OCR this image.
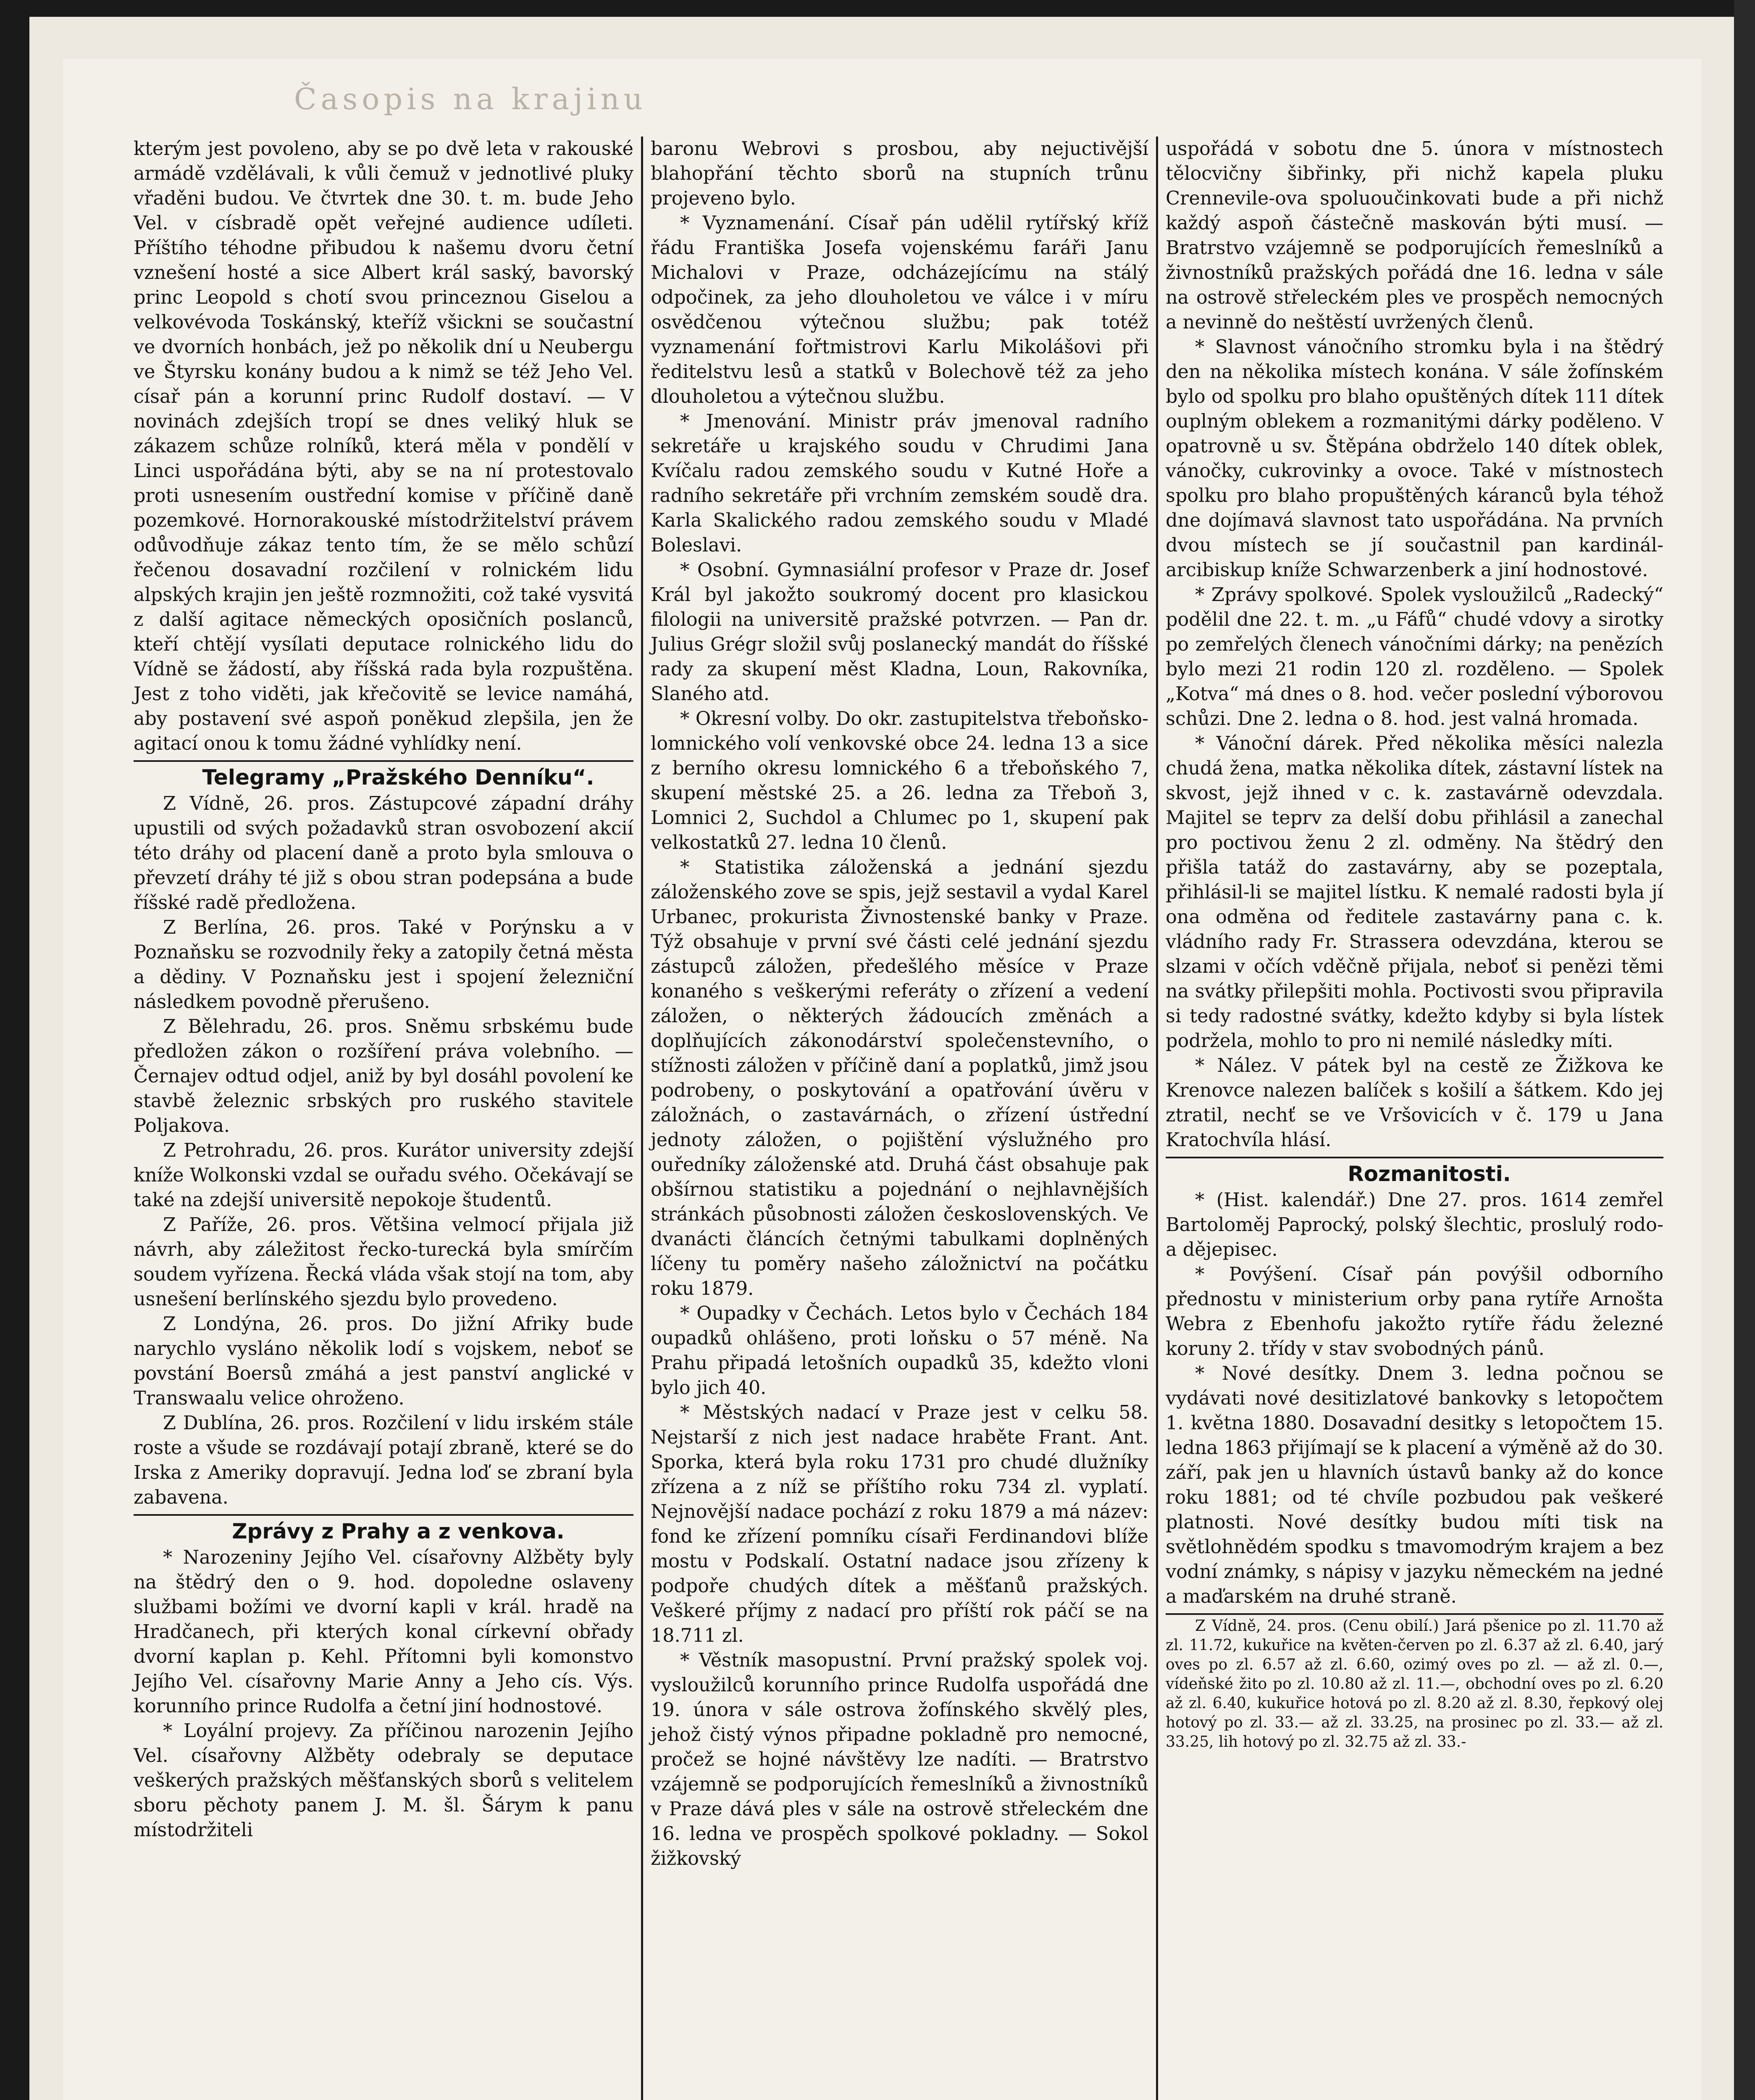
Časopis na krajinu

kterým jest povoleno, aby se po dvě leta v rakouské armádě vzdělávali, k vůli čemuž v jednotlivé pluky vřaděni budou. Ve čtvrtek dne 30. t. m. bude Jeho Vel. v císbradě opět veřejné audience udíleti. Příštího téhodne přibudou k našemu dvoru četní vznešení hosté a sice Albert král saský, bavorský princ Leopold s chotí svou princeznou Giselou a velkovévoda Toskánský, kteříž všickni se součastní ve dvorních honbách, jež po několik dní u Neubergu ve Štyrsku konány budou a k nimž se též Jeho Vel. císař pán a korunní princ Rudolf dostaví. — V novinách zdejších tropí se dnes veliký hluk se zákazem schůze rolníků, která měla v pondělí v Linci uspořádána býti, aby se na ní protestovalo proti usnesením oustřední komise v příčině daně pozemkové. Hornorakouské místodržitelství právem odůvodňuje zákaz tento tím, že se mělo schůzí řečenou dosavadní rozčilení v rolnickém lidu alpských krajin jen ještě rozmnožiti, což také vysvitá z další agitace německých oposičních poslanců, kteří chtějí vysílati deputace rolnického lidu do Vídně se žádostí, aby říšská rada byla rozpuštěna. Jest z toho viděti, jak křečovitě se levice namáhá, aby postavení své aspoň poněkud zlepšila, jen že agitací onou k tomu žádné vyhlídky není.

Telegramy „Pražského Denníku“.

Z Vídně, 26. pros. Zástupcové západní dráhy upustili od svých požadavků stran osvobození akcií této dráhy od placení daně a proto byla smlouva o převzetí dráhy té již s obou stran podepsána a bude říšské radě předložena.

Z Berlína, 26. pros. Také v Porýnsku a v Poznaňsku se rozvodnily řeky a zatopily četná města a dědiny. V Poznaňsku jest i spojení železniční následkem povodně přerušeno.

Z Bělehradu, 26. pros. Sněmu srbskému bude předložen zákon o rozšíření práva volebního. — Černajev odtud odjel, aniž by byl dosáhl povolení ke stavbě železnic srbských pro ruského stavitele Poljakova.

Z Petrohradu, 26. pros. Kurátor university zdejší kníže Wolkonski vzdal se ouřadu svého. Očekávají se také na zdejší universitě nepokoje študentů.

Z Paříže, 26. pros. Většina velmocí přijala již návrh, aby záležitost řecko-turecká byla smírčím soudem vyřízena. Řecká vláda však stojí na tom, aby usnešení berlínského sjezdu bylo provedeno.

Z Londýna, 26. pros. Do jižní Afriky bude narychlo vysláno několik lodí s vojskem, neboť se povstání Boersů zmáhá a jest panství anglické v Transwaalu velice ohroženo.

Z Dublína, 26. pros. Rozčilení v lidu irském stále roste a všude se rozdávají potají zbraně, které se do Irska z Ameriky dopravují. Jedna loď se zbraní byla zabavena.

Zprávy z Prahy a z venkova.

* Narozeniny Jejího Vel. císařovny Alžběty byly na štědrý den o 9. hod. dopoledne oslaveny službami božími ve dvorní kapli v král. hradě na Hradčanech, při kterých konal církevní obřady dvorní kaplan p. Kehl. Přítomni byli komonstvo Jejího Vel. císařovny Marie Anny a Jeho cís. Výs. korunního prince Rudolfa a četní jiní hodnostové.

* Loyální projevy. Za příčinou narozenin Jejího Vel. císařovny Alžběty odebraly se deputace veškerých pražských měšťanských sborů s velitelem sboru pěchoty panem J. M. šl. Šárym k panu místodržiteli

baronu Webrovi s prosbou, aby nejuctivější blahopřání těchto sborů na stupních trůnu projeveno bylo.

* Vyznamenání. Císař pán udělil rytířský kříž řádu Františka Josefa vojenskému faráři Janu Michalovi v Praze, odcházejícímu na stálý odpočinek, za jeho dlouholetou ve válce i v míru osvědčenou výtečnou službu; pak totéž vyznamenání fořtmistrovi Karlu Mikolášovi při ředitelstvu lesů a statků v Bolechově též za jeho dlouholetou a výtečnou službu.

* Jmenování. Ministr práv jmenoval radního sekretáře u krajského soudu v Chrudimi Jana Kvíčalu radou zemského soudu v Kutné Hoře a radního sekretáře při vrchním zemském soudě dra. Karla Skalického radou zemského soudu v Mladé Boleslavi.

* Osobní. Gymnasiální profesor v Praze dr. Josef Král byl jakožto soukromý docent pro klasickou filologii na universitě pražské potvrzen. — Pan dr. Julius Grégr složil svůj poslanecký mandát do říšské rady za skupení měst Kladna, Loun, Rakovníka, Slaného atd.

* Okresní volby. Do okr. zastupitelstva třeboňsko-lomnického volí venkovské obce 24. ledna 13 a sice z berního okresu lomnického 6 a třeboňského 7, skupení městské 25. a 26. ledna za Třeboň 3, Lomnici 2, Suchdol a Chlumec po 1, skupení pak velkostatků 27. ledna 10 členů.

* Statistika záloženská a jednání sjezdu záloženského zove se spis, jejž sestavil a vydal Karel Urbanec, prokurista Živnostenské banky v Praze. Týž obsahuje v první své části celé jednání sjezdu zástupců záložen, předešlého měsíce v Praze konaného s veškerými referáty o zřízení a vedení záložen, o některých žádoucích změnách a doplňujících zákonodárství společenstevního, o stížnosti záložen v příčině daní a poplatků, jimž jsou podrobeny, o poskytování a opatřování úvěru v záložnách, o zastavárnách, o zřízení ústřední jednoty záložen, o pojištění výslužného pro ouředníky záloženské atd. Druhá část obsahuje pak obšírnou statistiku a pojednání o nejhlavnějších stránkách působnosti záložen československých. Ve dvanácti článcích četnými tabulkami doplněných líčeny tu poměry našeho záložnictví na počátku roku 1879.

* Oupadky v Čechách. Letos bylo v Čechách 184 oupadků ohlášeno, proti loňsku o 57 méně. Na Prahu připadá letošních oupadků 35, kdežto vloni bylo jich 40.

* Městských nadací v Praze jest v celku 58. Nejstarší z nich jest nadace hraběte Frant. Ant. Sporka, která byla roku 1731 pro chudé dlužníky zřízena a z níž se příštího roku 734 zl. vyplatí. Nejnovější nadace pochází z roku 1879 a má název: fond ke zřízení pomníku císaři Ferdinandovi blíže mostu v Podskalí. Ostatní nadace jsou zřízeny k podpoře chudých dítek a měšťanů pražských. Veškeré příjmy z nadací pro příští rok páčí se na 18.711 zl.

* Věstník masopustní. První pražský spolek voj. vysloužilců korunního prince Rudolfa uspořádá dne 19. února v sále ostrova žofínského skvělý ples, jehož čistý výnos připadne pokladně pro nemocné, pročež se hojné návštěvy lze nadíti. — Bratrstvo vzájemně se podporujících řemeslníků a živnostníků v Praze dává ples v sále na ostrově střeleckém dne 16. ledna ve prospěch spolkové pokladny. — Sokol žižkovský

uspořádá v sobotu dne 5. února v místnostech tělocvičny šibřinky, při nichž kapela pluku Crennevile-ova spoluoučinkovati bude a při nichž každý aspoň částečně maskován býti musí. — Bratrstvo vzájemně se podporujících řemeslníků a živnostníků pražských pořádá dne 16. ledna v sále na ostrově střeleckém ples ve prospěch nemocných a nevinně do neštěstí uvržených členů.

* Slavnost vánočního stromku byla i na štědrý den na několika místech konána. V sále žofínském bylo od spolku pro blaho opuštěných dítek 111 dítek ouplným oblekem a rozmanitými dárky poděleno. V opatrovně u sv. Štěpána obdrželo 140 dítek oblek, vánočky, cukrovinky a ovoce. Také v místnostech spolku pro blaho propuštěných káranců byla téhož dne dojímavá slavnost tato uspořádána. Na prvních dvou místech se jí součastnil pan kardinál-arcibiskup kníže Schwarzenberk a jiní hodnostové.

* Zprávy spolkové. Spolek vysloužilců „Radecký“ podělil dne 22. t. m. „u Fáfů“ chudé vdovy a sirotky po zemřelých členech vánočními dárky; na penězích bylo mezi 21 rodin 120 zl. rozděleno. — Spolek „Kotva“ má dnes o 8. hod. večer poslední výborovou schůzi. Dne 2. ledna o 8. hod. jest valná hromada.

* Vánoční dárek. Před několika měsíci nalezla chudá žena, matka několika dítek, zástavní lístek na skvost, jejž ihned v c. k. zastavárně odevzdala. Majitel se teprv za delší dobu přihlásil a zanechal pro poctivou ženu 2 zl. odměny. Na štědrý den přišla tatáž do zastavárny, aby se pozeptala, přihlásil-li se majitel lístku. K nemalé radosti byla jí ona odměna od ředitele zastavárny pana c. k. vládního rady Fr. Strassera odevzdána, kterou se slzami v očích vděčně přijala, neboť si penězi těmi na svátky přilepšiti mohla. Poctivosti svou připravila si tedy radostné svátky, kdežto kdyby si byla lístek podržela, mohlo to pro ni nemilé následky míti.

* Nález. V pátek byl na cestě ze Žižkova ke Krenovce nalezen balíček s košilí a šátkem. Kdo jej ztratil, nechť se ve Vršovicích v č. 179 u Jana Kratochvíla hlásí.

Rozmanitosti.

* (Hist. kalendář.) Dne 27. pros. 1614 zemřel Bartoloměj Paprocký, polský šlechtic, proslulý rodo- a dějepisec.

* Povýšení. Císař pán povýšil odborního přednostu v ministerium orby pana rytíře Arnošta Webra z Ebenhofu jakožto rytíře řádu železné koruny 2. třídy v stav svobodných pánů.

* Nové desítky. Dnem 3. ledna počnou se vydávati nové desitizlatové bankovky s letopočtem 1. května 1880. Dosavadní desitky s letopočtem 15. ledna 1863 přijímají se k placení a výměně až do 30. září, pak jen u hlavních ústavů banky až do konce roku 1881; od té chvíle pozbudou pak veškeré platnosti. Nové desítky budou míti tisk na světlohnědém spodku s tmavomodrým krajem a bez vodní známky, s nápisy v jazyku německém na jedné a maďarském na druhé straně.

Z Vídně, 24. pros. (Cenu obilí.) Jará pšenice po zl. 11.70 až zl. 11.72, kukuřice na květen-červen po zl. 6.37 až zl. 6.40, jarý oves po zl. 6.57 až zl. 6.60, ozimý oves po zl. — až zl. 0.—, vídeňské žito po zl. 10.80 až zl. 11.—, obchodní oves po zl. 6.20 až zl. 6.40, kukuřice hotová po zl. 8.20 až zl. 8.30, řepkový olej hotový po zl. 33.— až zl. 33.25, na prosinec po zl. 33.— až zl. 33.25, lih hotový po zl. 32.75 až zl. 33.-
